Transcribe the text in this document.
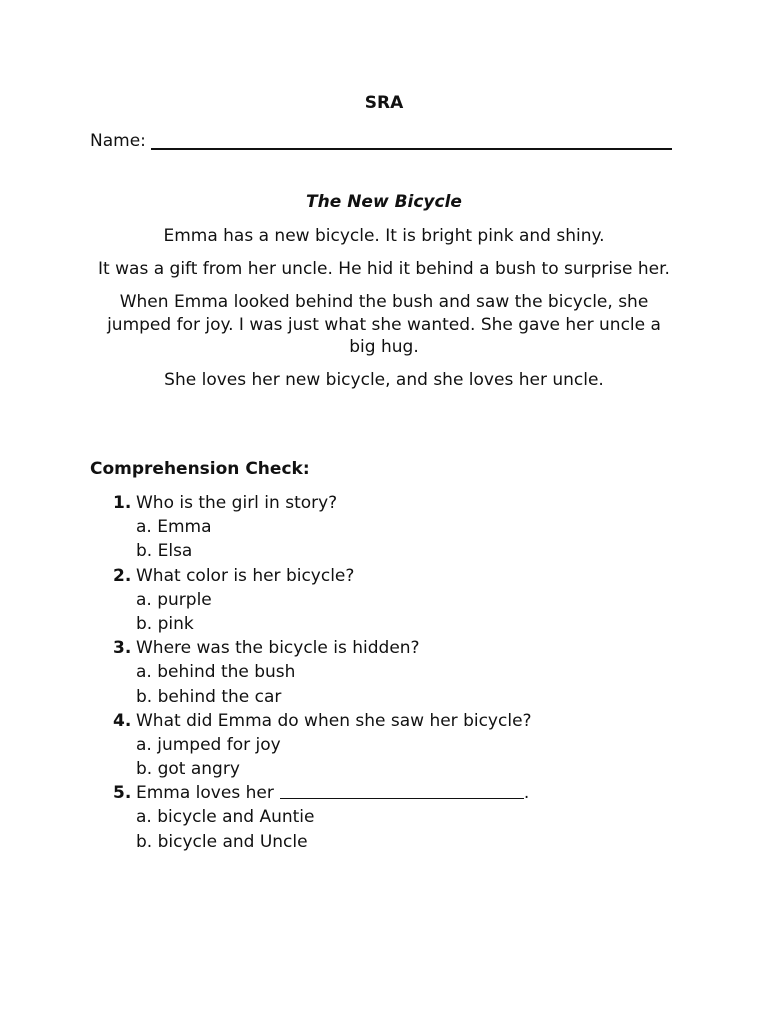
SRA
Name:
The New Bicycle

Emma has a new bicycle. It is bright pink and shiny.

It was a gift from her uncle. He hid it behind a bush to surprise her.

When Emma looked behind the bush and saw the bicycle, she jumped for joy. I was just what she wanted. She gave her uncle a big hug.

She loves her new bicycle, and she loves her uncle.

Comprehension Check:
1. Who is the girl in story?
a. Emma
b. Elsa
2. What color is her bicycle?
a. purple
b. pink
3. Where was the bicycle is hidden?
a. behind the bush
b. behind the car
4. What did Emma do when she saw her bicycle?
a. jumped for joy
b. got angry
5. Emma loves her	.
a. bicycle and Auntie
b. bicycle and Uncle
